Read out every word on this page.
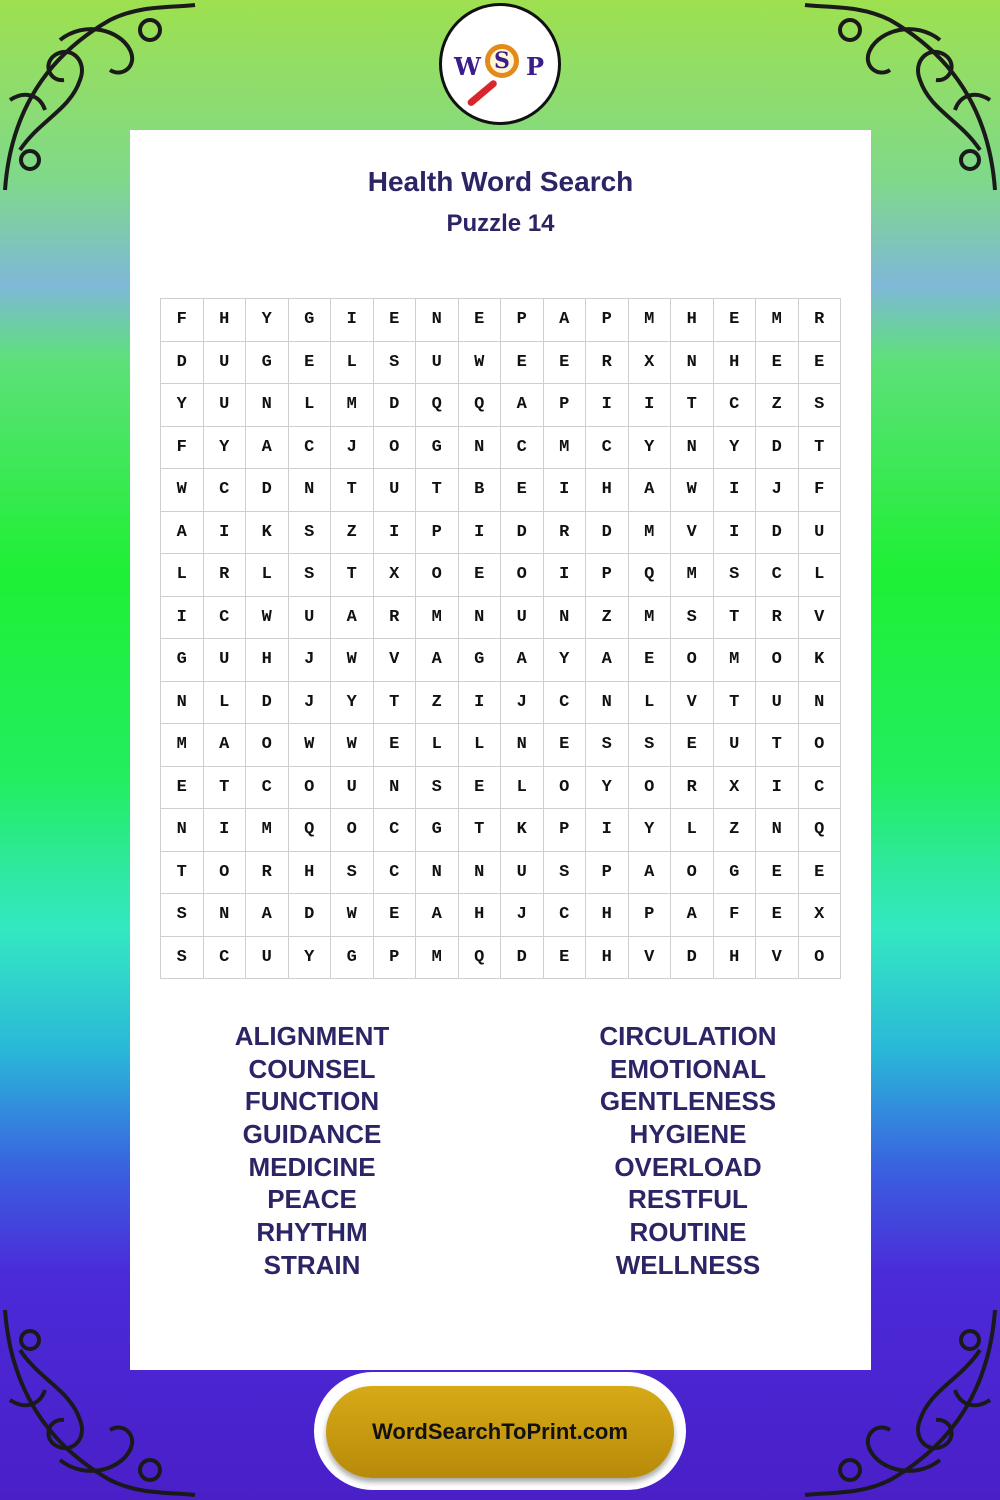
W S P
Health Word Search
Puzzle 14
F	H	Y	G	I	E	N	E	P	A	P	M	H	E	M	R
D	U	G	E	L	S	U	W	E	E	R	X	N	H	E	E
Y	U	N	L	M	D	Q	Q	A	P	I	I	T	C	Z	S
F	Y	A	C	J	O	G	N	C	M	C	Y	N	Y	D	T
W	C	D	N	T	U	T	B	E	I	H	A	W	I	J	F
A	I	K	S	Z	I	P	I	D	R	D	M	V	I	D	U
L	R	L	S	T	X	O	E	O	I	P	Q	M	S	C	L
I	C	W	U	A	R	M	N	U	N	Z	M	S	T	R	V
G	U	H	J	W	V	A	G	A	Y	A	E	O	M	O	K
N	L	D	J	Y	T	Z	I	J	C	N	L	V	T	U	N
M	A	O	W	W	E	L	L	N	E	S	S	E	U	T	O
E	T	C	O	U	N	S	E	L	O	Y	O	R	X	I	C
N	I	M	Q	O	C	G	T	K	P	I	Y	L	Z	N	Q
T	O	R	H	S	C	N	N	U	S	P	A	O	G	E	E
S	N	A	D	W	E	A	H	J	C	H	P	A	F	E	X
S	C	U	Y	G	P	M	Q	D	E	H	V	D	H	V	O
ALIGNMENT
COUNSEL
FUNCTION
GUIDANCE
MEDICINE
PEACE
RHYTHM
STRAIN
CIRCULATION
EMOTIONAL
GENTLENESS
HYGIENE
OVERLOAD
RESTFUL
ROUTINE
WELLNESS
WordSearchToPrint.com
